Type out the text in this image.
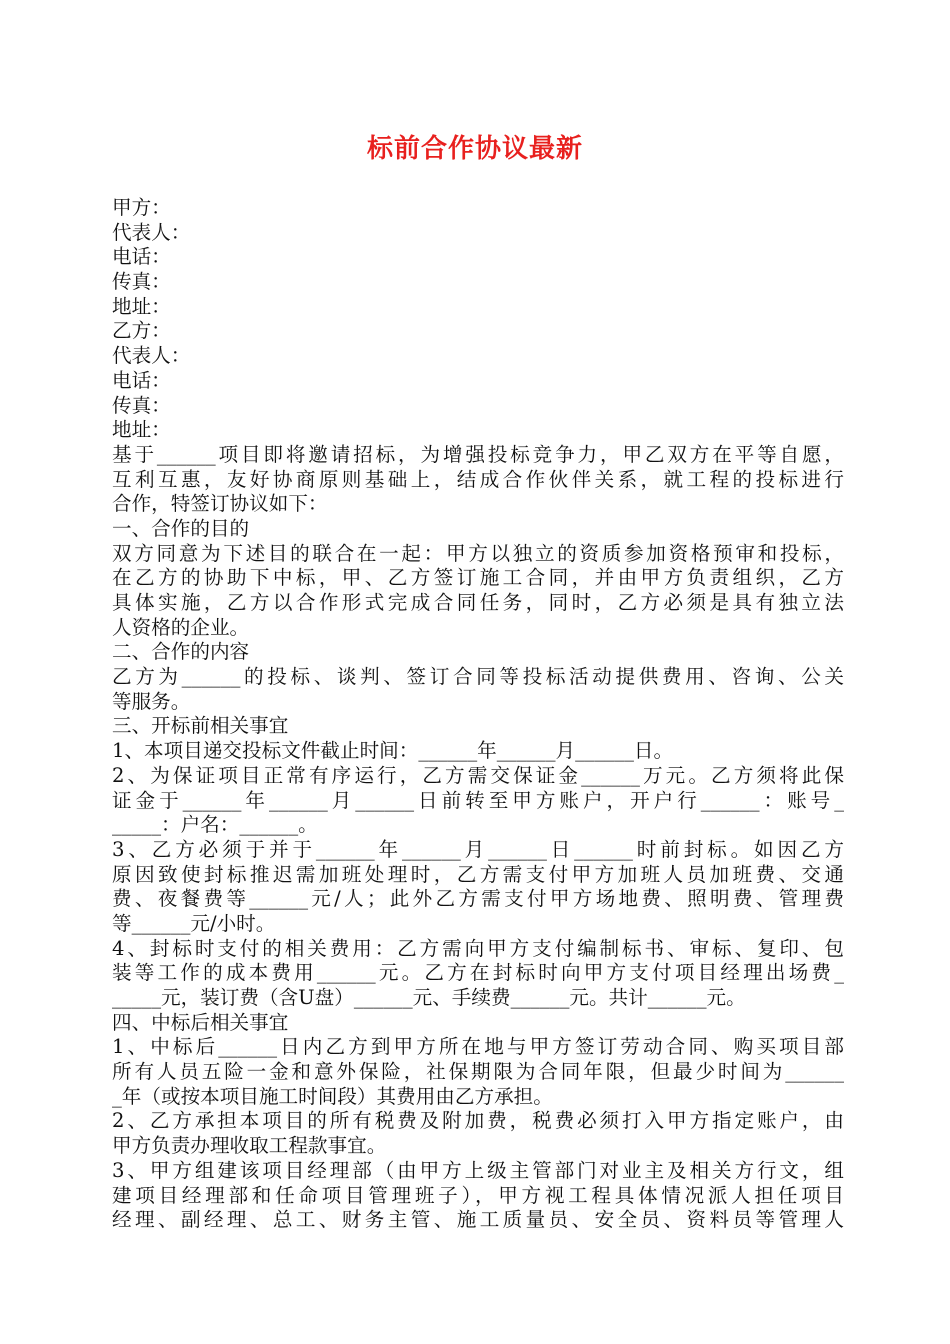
标前合作协议最新
甲方：
代表人：
电话：
传真：
地址：
乙方：
代表人：
电话：
传真：
地址：
基于______项目即将邀请招标，为增强投标竞争力，甲乙双方在平等自愿，
互利互惠，友好协商原则基础上，结成合作伙伴关系，就工程的投标进行
合作，特签订协议如下：
一、合作的目的
双方同意为下述目的联合在一起：甲方以独立的资质参加资格预审和投标，
在乙方的协助下中标，甲、乙方签订施工合同，并由甲方负责组织，乙方
具体实施，乙方以合作形式完成合同任务，同时，乙方必须是具有独立法
人资格的企业。
二、合作的内容
乙方为______的投标、谈判、签订合同等投标活动提供费用、咨询、公关
等服务。
三、开标前相关事宜
1、本项目递交投标文件截止时间：______年______月______日。
2、为保证项目正常有序运行，乙方需交保证金______万元。乙方须将此保
证金于______年______月______日前转至甲方账户，开户行______：账号_
_____：户名：______。
3、乙方必须于并于______年______月______日______时前封标。如因乙方
原因致使封标推迟需加班处理时，乙方需支付甲方加班人员加班费、交通
费、夜餐费等______元/人；此外乙方需支付甲方场地费、照明费、管理费
等______元/小时。
4、封标时支付的相关费用：乙方需向甲方支付编制标书、审标、复印、包
装等工作的成本费用______元。乙方在封标时向甲方支付项目经理出场费_
_____元，装订费（含U盘）______元、手续费______元。共计______元。
四、中标后相关事宜
1、中标后______日内乙方到甲方所在地与甲方签订劳动合同、购买项目部
所有人员五险一金和意外保险，社保期限为合同年限，但最少时间为______
_年（或按本项目施工时间段）其费用由乙方承担。
2、乙方承担本项目的所有税费及附加费，税费必须打入甲方指定账户，由
甲方负责办理收取工程款事宜。
3、甲方组建该项目经理部（由甲方上级主管部门对业主及相关方行文，组
建项目经理部和任命项目管理班子），甲方视工程具体情况派人担任项目
经理、副经理、总工、财务主管、施工质量员、安全员、资料员等管理人
